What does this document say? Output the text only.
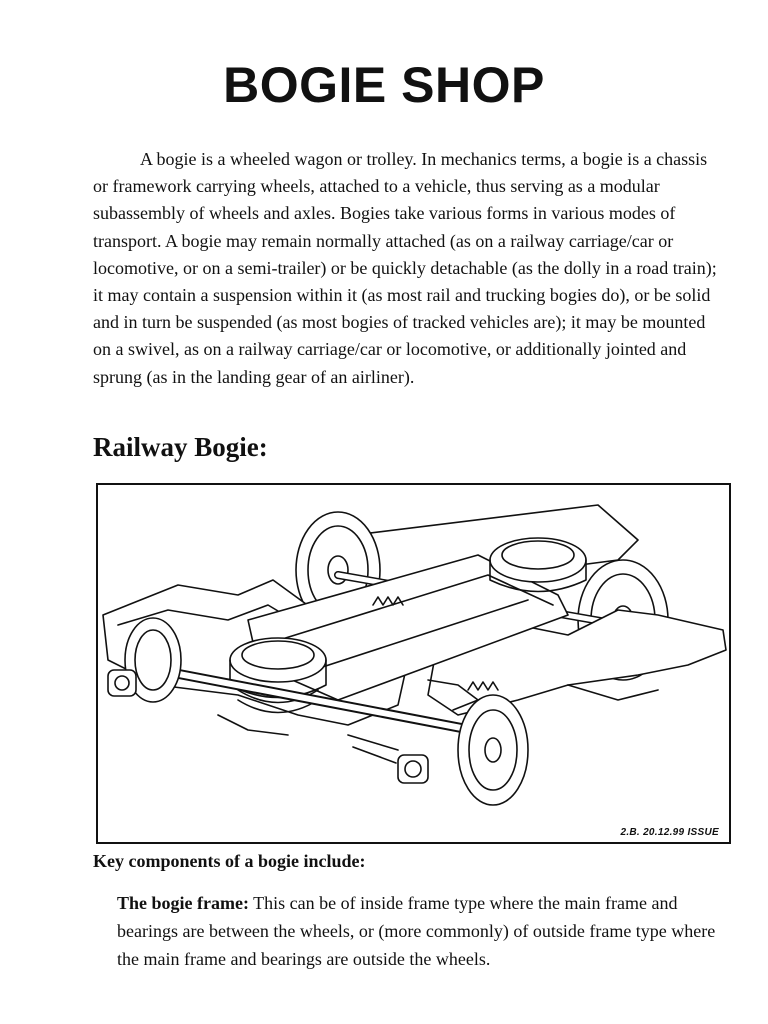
BOGIE SHOP

A bogie is a wheeled wagon or trolley. In mechanics terms, a bogie is a chassis or framework carrying wheels, attached to a vehicle, thus serving as a modular subassembly of wheels and axles. Bogies take various forms in various modes of transport. A bogie may remain normally attached (as on a railway carriage/car or locomotive, or on a semi-trailer) or be quickly detachable (as the dolly in a road train); it may contain a suspension within it (as most rail and trucking bogies do), or be solid and in turn be suspended (as most bogies of tracked vehicles are); it may be mounted on a swivel, as on a railway carriage/car or locomotive, or additionally jointed and sprung (as in the landing gear of an airliner).

Railway Bogie:
2.B. 20.12.99 ISSUE
Key components of a bogie include:

The bogie frame: This can be of inside frame type where the main frame and bearings are between the wheels, or (more commonly) of outside frame type where the main frame and bearings are outside the wheels.
